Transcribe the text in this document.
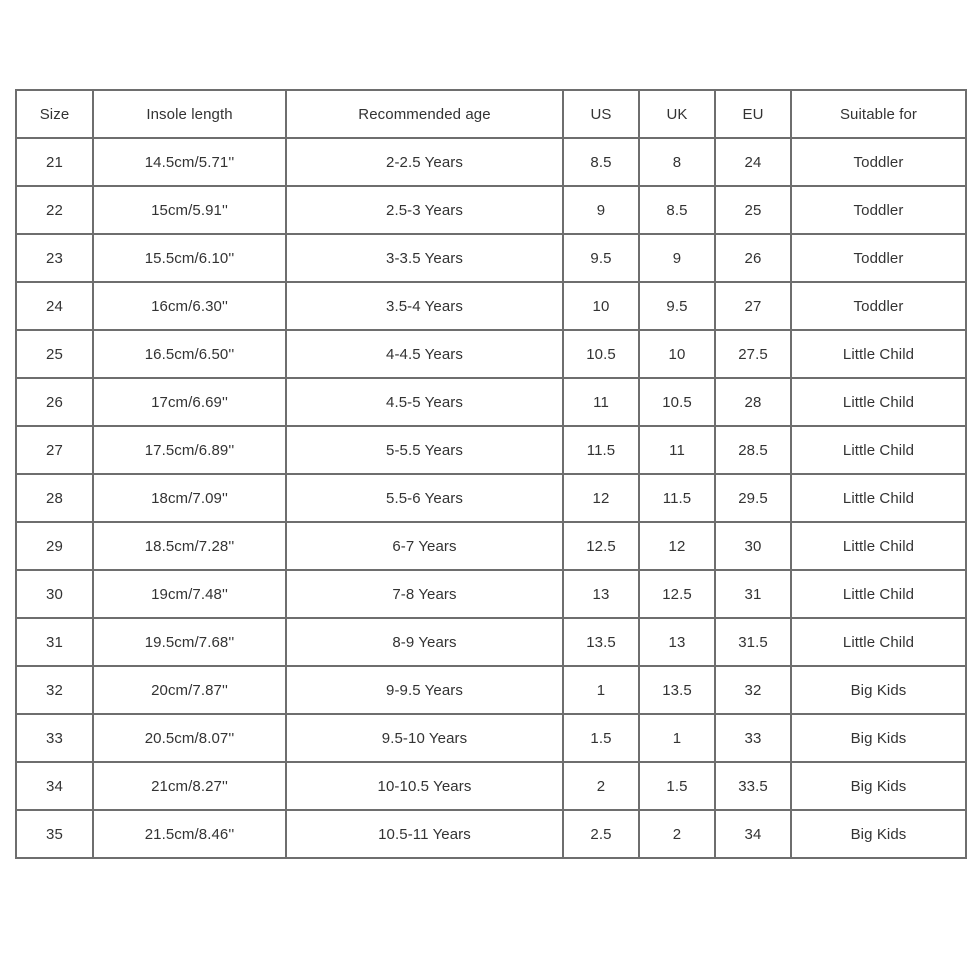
Size	Insole length	Recommended age	US	UK	EU	Suitable for
21	14.5cm/5.71''	2-2.5 Years	8.5	8	24	Toddler
22	15cm/5.91''	2.5-3 Years	9	8.5	25	Toddler
23	15.5cm/6.10''	3-3.5 Years	9.5	9	26	Toddler
24	16cm/6.30''	3.5-4 Years	10	9.5	27	Toddler
25	16.5cm/6.50''	4-4.5 Years	10.5	10	27.5	Little Child
26	17cm/6.69''	4.5-5 Years	11	10.5	28	Little Child
27	17.5cm/6.89''	5-5.5 Years	11.5	11	28.5	Little Child
28	18cm/7.09''	5.5-6 Years	12	11.5	29.5	Little Child
29	18.5cm/7.28''	6-7 Years	12.5	12	30	Little Child
30	19cm/7.48''	7-8 Years	13	12.5	31	Little Child
31	19.5cm/7.68''	8-9 Years	13.5	13	31.5	Little Child
32	20cm/7.87''	9-9.5 Years	1	13.5	32	Big Kids
33	20.5cm/8.07''	9.5-10 Years	1.5	1	33	Big Kids
34	21cm/8.27''	10-10.5 Years	2	1.5	33.5	Big Kids
35	21.5cm/8.46''	10.5-11 Years	2.5	2	34	Big Kids
